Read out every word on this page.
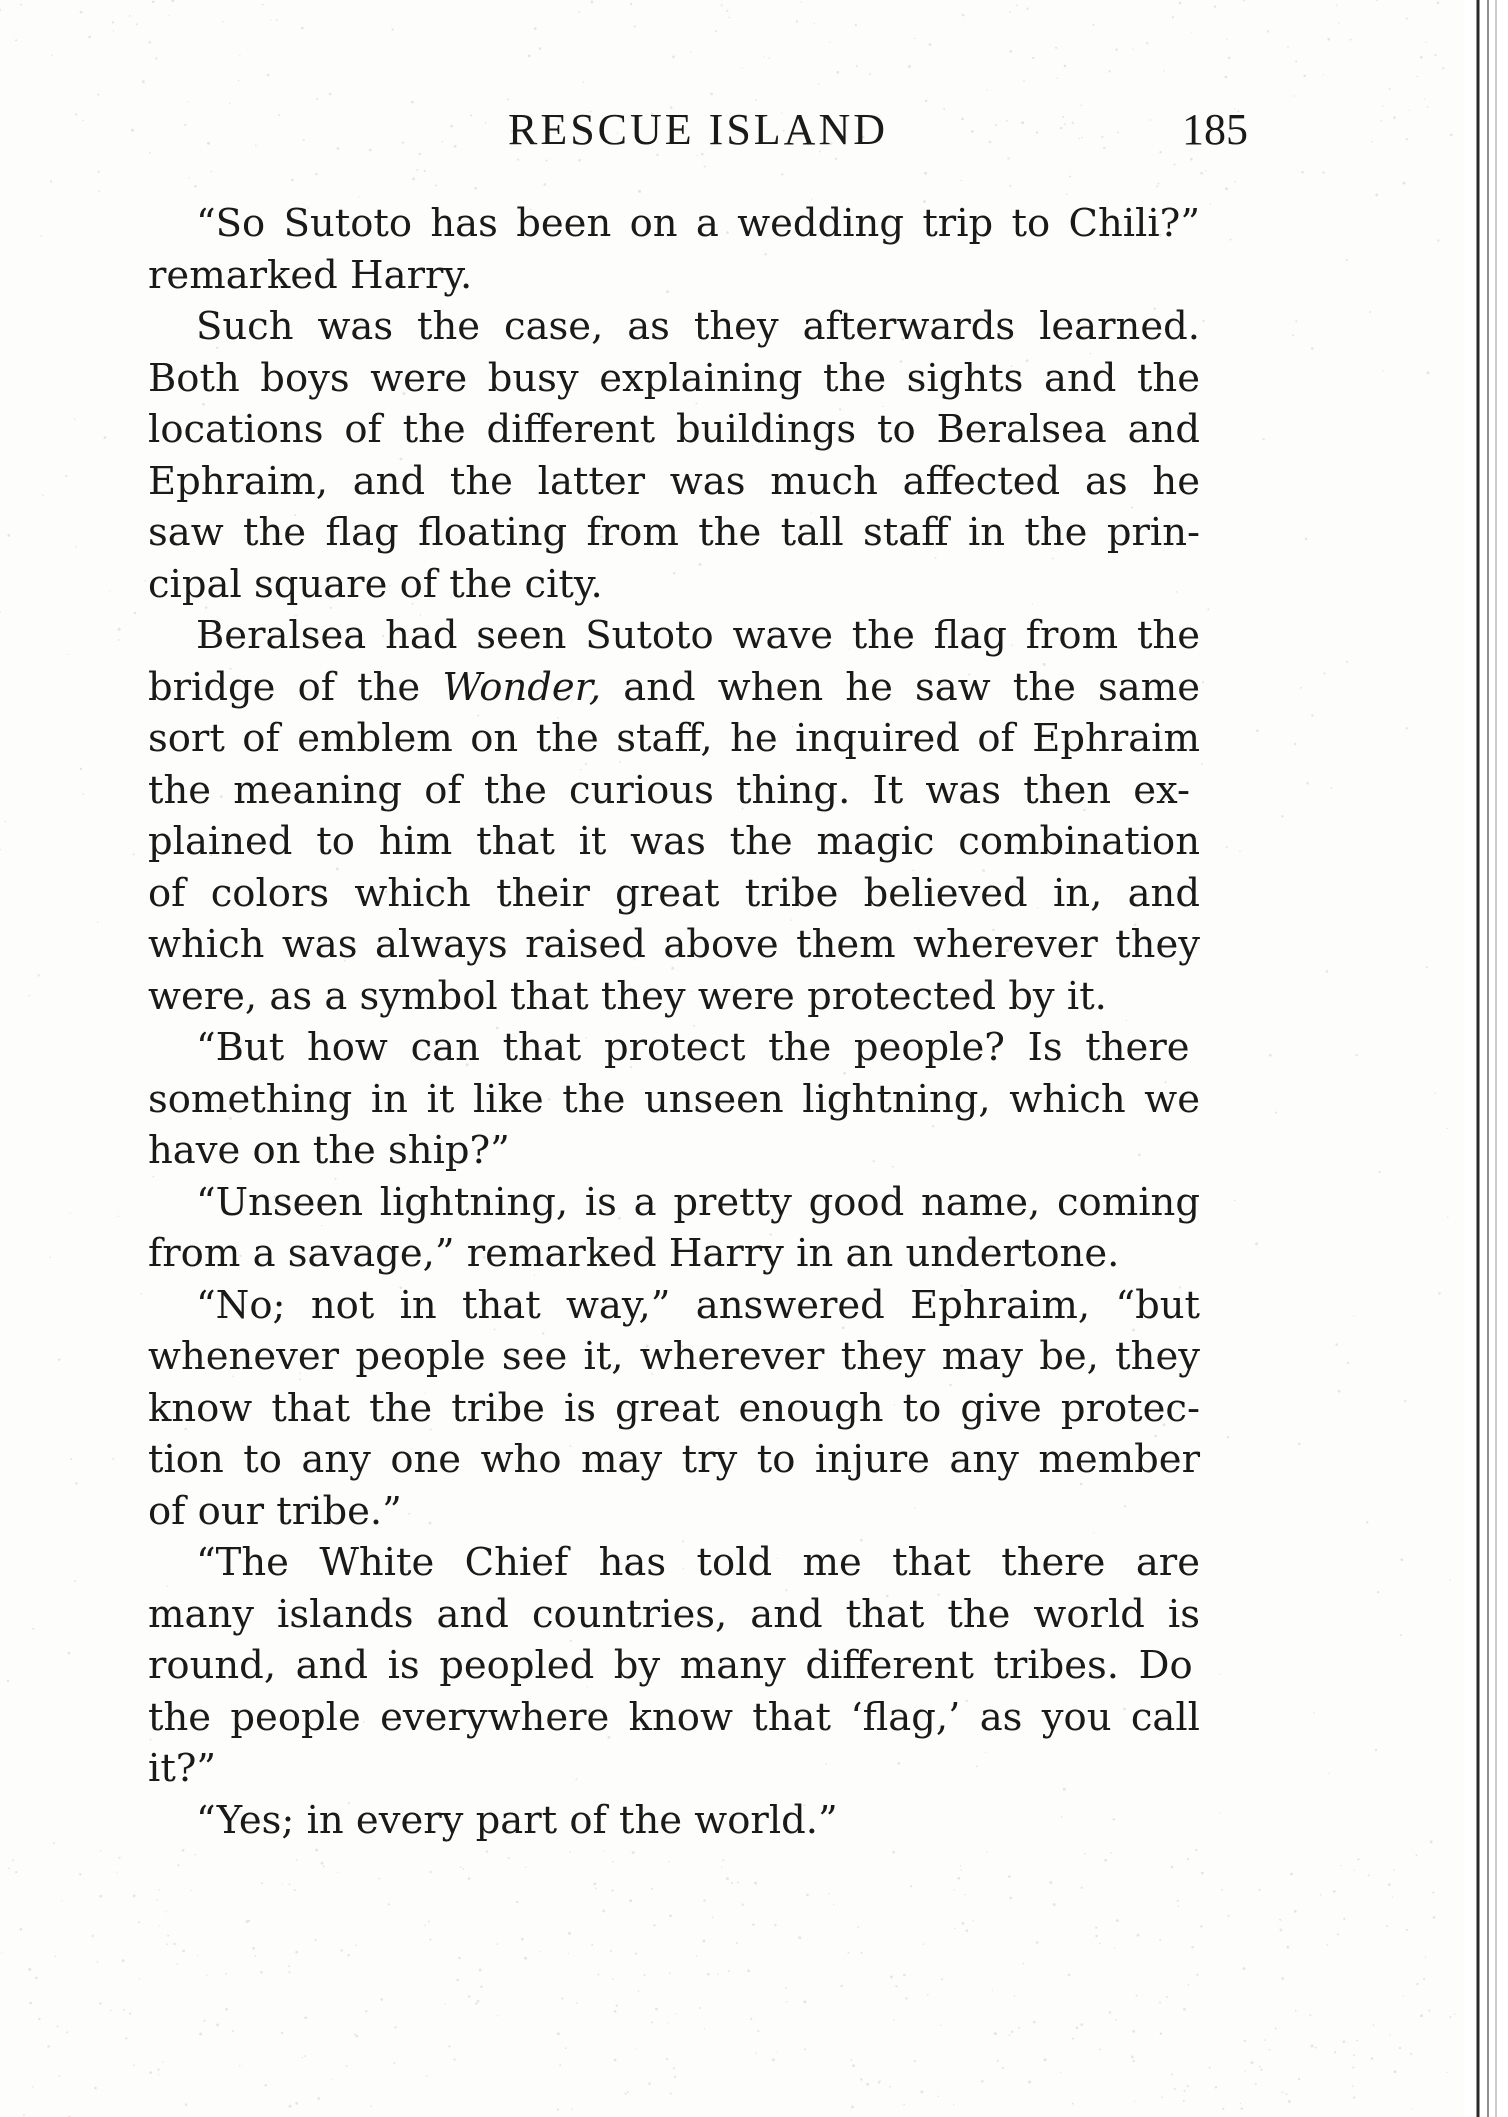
RESCUE ISLAND	185

“So Sutoto has been on a wedding trip to Chili?”
remarked Harry.

Such was the case, as they afterwards learned.
Both boys were busy explaining the sights and the
locations of the different buildings to Beralsea and
Ephraim, and the latter was much affected as he
saw the flag floating from the tall staff in the prin-
cipal square of the city.

Beralsea had seen Sutoto wave the flag from the
bridge of the Wonder, and when he saw the same
sort of emblem on the staff, he inquired of Ephraim
the meaning of the curious thing. It was then ex-
plained to him that it was the magic combination
of colors which their great tribe believed in, and
which was always raised above them wherever they
were, as a symbol that they were protected by it.

“But how can that protect the people? Is there
something in it like the unseen lightning, which we
have on the ship?”

“Unseen lightning, is a pretty good name, coming
from a savage,” remarked Harry in an undertone.

“No; not in that way,” answered Ephraim, “but
whenever people see it, wherever they may be, they
know that the tribe is great enough to give protec-
tion to any one who may try to injure any member
of our tribe.”

“The White Chief has told me that there are
many islands and countries, and that the world is
round, and is peopled by many different tribes. Do
the people everywhere know that ‘flag,’ as you call
it?”

“Yes; in every part of the world.”
